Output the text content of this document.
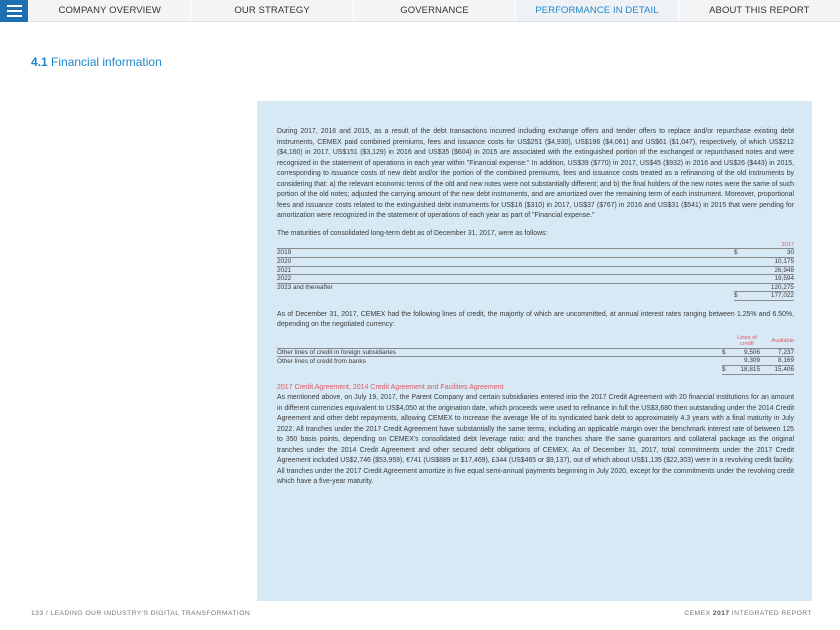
COMPANY OVERVIEW	OUR STRATEGY	GOVERNANCE	PERFORMANCE IN DETAIL	ABOUT THIS REPORT
4.1 Financial information

During 2017, 2016 and 2015, as a result of the debt transactions incurred including exchange offers and tender offers to replace and/or repurchase existing debt instruments, CEMEX paid combined premiums, fees and issuance costs for US$251 ($4,930), US$196 ($4,061) and US$61 ($1,047), respectively, of which US$212 ($4,160) in 2017, US$151 ($3,129) in 2016 and US$35 ($604) in 2015 are associated with the extinguished portion of the exchanged or repurchased notes and were recognized in the statement of operations in each year within "Financial expense." In addition, US$39 ($770) in 2017, US$45 ($932) in 2016 and US$26 ($443) in 2015, corresponding to issuance costs of new debt and/or the portion of the combined premiums, fees and issuance costs treated as a refinancing of the old instruments by considering that: a) the relevant economic terms of the old and new notes were not substantially different; and b) the final holders of the new notes were the same of such portion of the old notes; adjusted the carrying amount of the new debt instruments, and are amortized over the remaining term of each instrument. Moreover, proportional fees and issuance costs related to the extinguished debt instruments for US$16 ($310) in 2017, US$37 ($767) in 2016 and US$31 ($541) in 2015 that were pending for amortization were recognized in the statement of operations of each year as part of "Financial expense."

The maturities of consolidated long-term debt as of December 31, 2017, were as follows:

	2017	
2019	$	30
2020		10,175
2021		26,948
2022		19,594
2023 and thereafter		120,275
	$	177,022

As of December 31, 2017, CEMEX had the following lines of credit, the majority of which are uncommitted, at annual interest rates ranging between 1.25% and 6.50%, depending on the negotiated currency:

		Lines of credit	Available
Other lines of credit in foreign subsidiaries	$	9,506	7,237
Other lines of credit from banks		9,309	8,169
	$	18,815	15,406
2017 Credit Agreement, 2014 Credit Agreement and Facilities Agreement

As mentioned above, on July 19, 2017, the Parent Company and certain subsidiaries entered into the 2017 Credit Agreement with 20 financial institutions for an amount in different currencies equivalent to US$4,050 at the origination date, which proceeds were used to refinance in full the US$3,680 then outstanding under the 2014 Credit Agreement and other debt repayments, allowing CEMEX to increase the average life of its syndicated bank debt to approximately 4.3 years with a final maturity in July 2022. All tranches under the 2017 Credit Agreement have substantially the same terms, including an applicable margin over the benchmark interest rate of between 125 to 350 basis points, depending on CEMEX's consolidated debt leverage ratio; and the tranches share the same guarantors and collateral package as the original tranches under the 2014 Credit Agreement and other secured debt obligations of CEMEX. As of December 31, 2017, total commitments under the 2017 Credit Agreement included US$2,746 ($53,959), €741 (US$889 or $17,469), £344 (US$465 or $9,137), out of which about US$1,135 ($22,303) were in a revolving credit facility. All tranches under the 2017 Credit Agreement amortize in five equal semi-annual payments beginning in July 2020, except for the commitments under the revolving credit which have a five-year maturity.

133 / LEADING OUR INDUSTRY'S DIGITAL TRANSFORMATION	CEMEX 2017 INTEGRATED REPORT
